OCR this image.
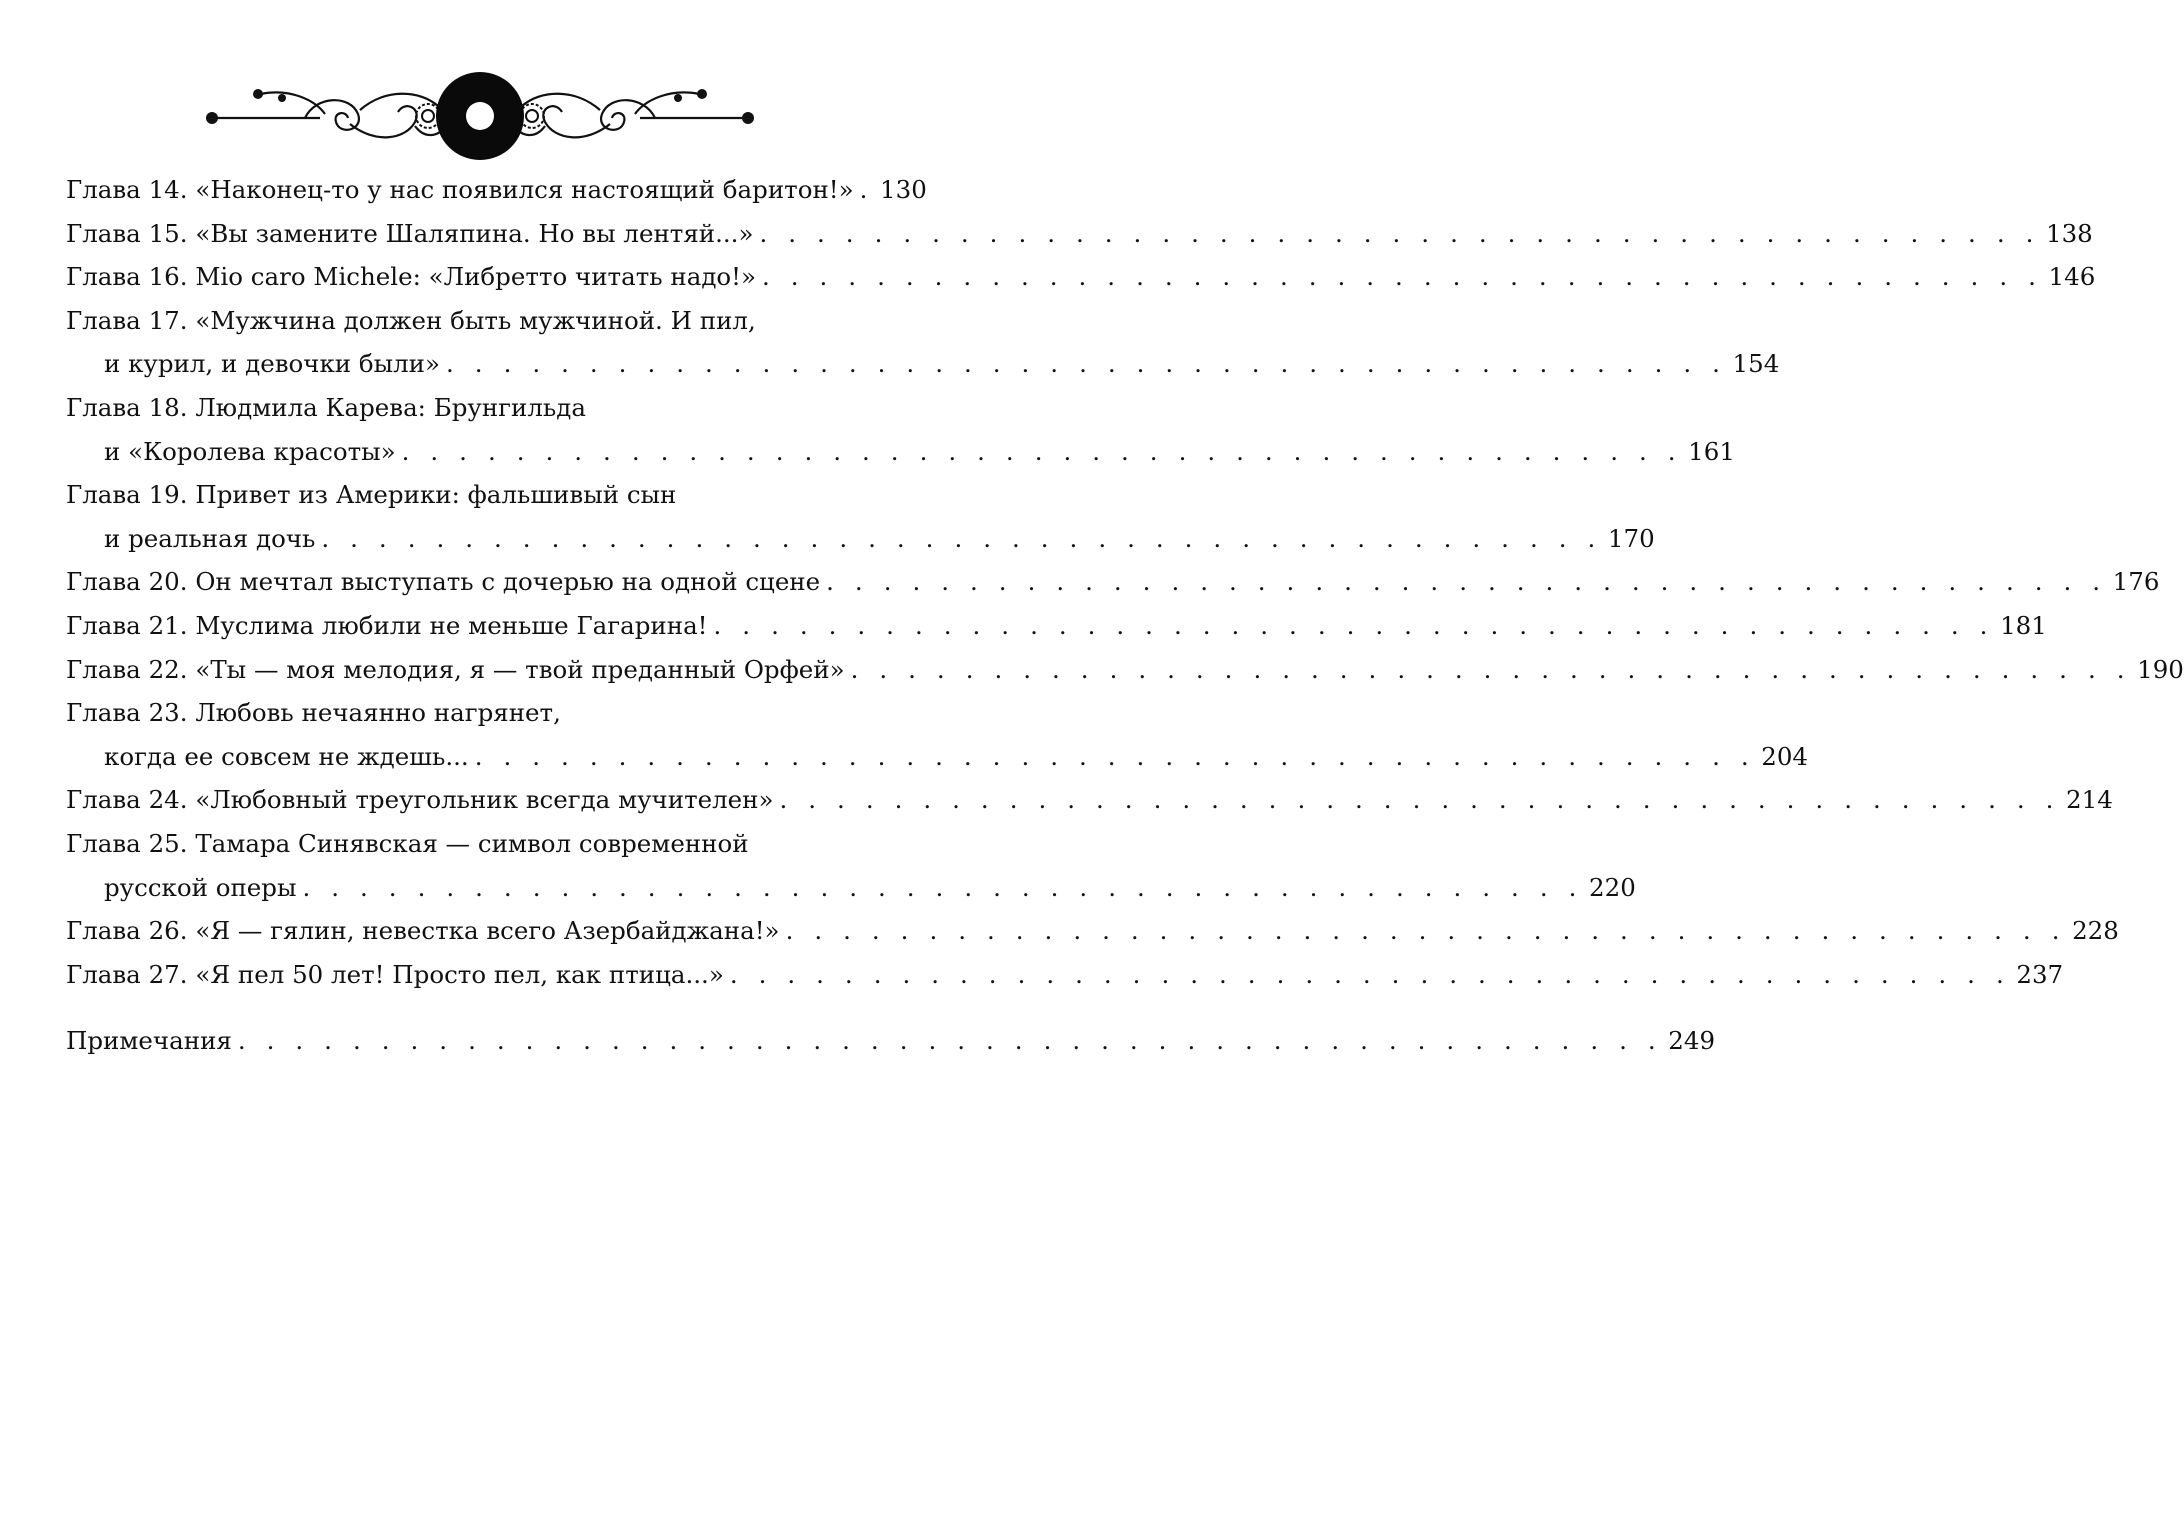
Глава 14. «Наконец-то у нас появился настоящий баритон!» . 130
Глава 15. «Вы замените Шаляпина. Но вы лентяй...» . . . . . . . . . . . . . . . . . . . . . . . . . . . . . . . . . . . . . . . . . . . . . 138
Глава 16. Mio caro Michele: «Либретто читать надо!» . . . . . . . . . . . . . . . . . . . . . . . . . . . . . . . . . . . . . . . . . . . . . 146
Глава 17. «Мужчина должен быть мужчиной. И пил,
и курил, и девочки были» . . . . . . . . . . . . . . . . . . . . . . . . . . . . . . . . . . . . . . . . . . . . . 154
Глава 18. Людмила Карева: Брунгильда
и «Королева красоты» . . . . . . . . . . . . . . . . . . . . . . . . . . . . . . . . . . . . . . . . . . . . . 161
Глава 19. Привет из Америки: фальшивый сын
и реальная дочь . . . . . . . . . . . . . . . . . . . . . . . . . . . . . . . . . . . . . . . . . . . . . 170
Глава 20. Он мечтал выступать с дочерью на одной сцене . . . . . . . . . . . . . . . . . . . . . . . . . . . . . . . . . . . . . . . . . . . . . 176
Глава 21. Муслима любили не меньше Гагарина! . . . . . . . . . . . . . . . . . . . . . . . . . . . . . . . . . . . . . . . . . . . . . 181
Глава 22. «Ты — моя мелодия, я — твой преданный Орфей» . . . . . . . . . . . . . . . . . . . . . . . . . . . . . . . . . . . . . . . . . . . . . 190
Глава 23. Любовь нечаянно нагрянет,
когда ее совсем не ждешь... . . . . . . . . . . . . . . . . . . . . . . . . . . . . . . . . . . . . . . . . . . . . . 204
Глава 24. «Любовный треугольник всегда мучителен» . . . . . . . . . . . . . . . . . . . . . . . . . . . . . . . . . . . . . . . . . . . . . 214
Глава 25. Тамара Синявская — символ современной
русской оперы . . . . . . . . . . . . . . . . . . . . . . . . . . . . . . . . . . . . . . . . . . . . . 220
Глава 26. «Я — гялин, невестка всего Азербайджана!» . . . . . . . . . . . . . . . . . . . . . . . . . . . . . . . . . . . . . . . . . . . . . 228
Глава 27. «Я пел 50 лет! Просто пел, как птица...» . . . . . . . . . . . . . . . . . . . . . . . . . . . . . . . . . . . . . . . . . . . . . 237
Примечания . . . . . . . . . . . . . . . . . . . . . . . . . . . . . . . . . . . . . . . . . . . . . . . . . . 249
